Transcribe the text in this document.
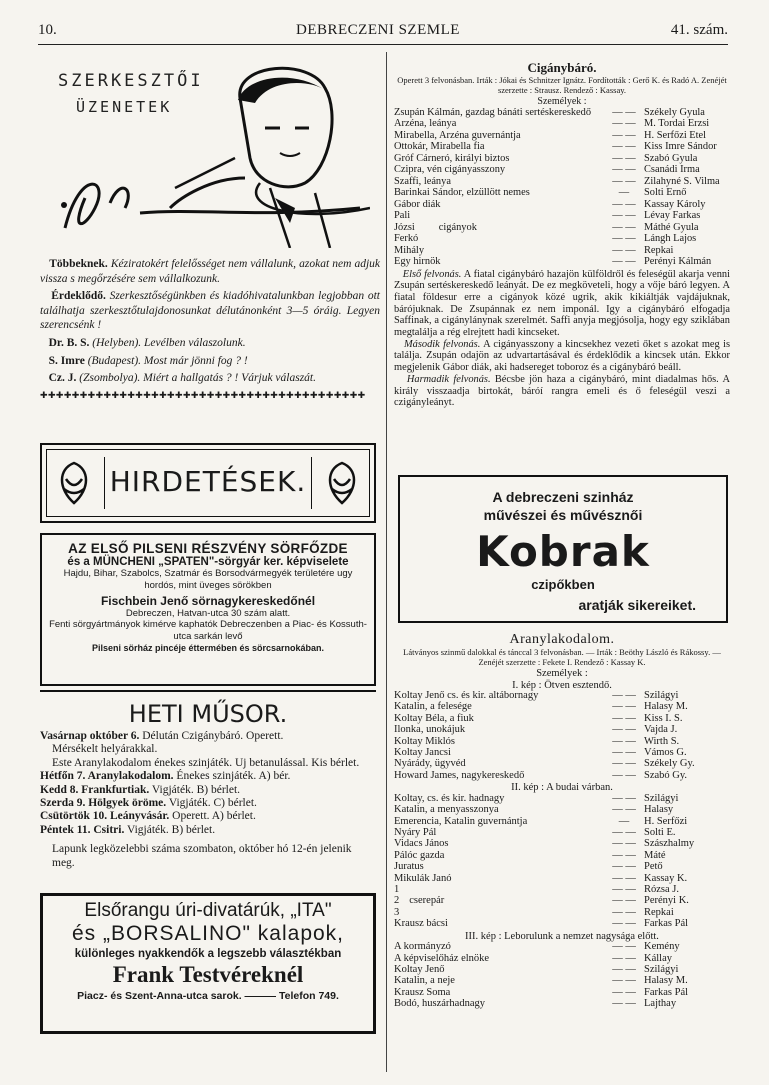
10.	DEBRECZENI SZEMLE	41. szám.
SZERKESZTŐI
ÜZENETEK

Többeknek. Kéziratokért felelősséget nem vállalunk, azokat nem adjuk vissza s megőrzésére sem vállalkozunk.

Érdeklődő. Szerkesztőségünkben és kiadóhivatalunkban legjobban ott találhatja szerkesztőtulajdonosunkat délutánonként 3—5 óráig. Legyen szerencsénk !

Dr. B. S. (Helyben). Levélben válaszolunk.

S. Imre (Budapest). Most már jönni fog ? !

Cz. J. (Zsombolya). Miért a hallgatás ? ! Várjuk válaszát.

✚✚✚✚✚✚✚✚✚✚✚✚✚✚✚✚✚✚✚✚✚✚✚✚✚✚✚✚✚✚✚✚✚✚✚✚✚✚✚✚✚
HIRDETÉSEK.
AZ ELSŐ PILSENI RÉSZVÉNY SÖRFŐZDE
és a MÜNCHENI „SPATEN"-sörgyár ker. képviselete
Hajdu, Bihar, Szabolcs, Szatmár és Borsodvármegyék területére ugy hordós, mint üveges sörökben
Fischbein Jenő sörnagykereskedőnél
Debreczen, Hatvan-utca 30 szám alatt.
Fenti sörgyártmányok kimérve kaphatók Debreczenben a Piac- és Kossuth-utca sarkán levő
Pilseni sörház pincéje éttermében és sörcsarnokában.
HETI MŰSOR.
Vasárnap október 6. Délután Czigánybáró. Operett.
Mérsékelt helyárakkal.
Este Aranylakodalom énekes szinjáték. Uj betanulással. Kis bérlet.
Hétfőn 7. Aranylakodalom. Énekes szinjáték. A) bér.
Kedd 8. Frankfurtiak. Vigjáték. B) bérlet.
Szerda 9. Hölgyek öröme. Vigjáték. C) bérlet.
Csütörtök 10. Leányvásár. Operett. A) bérlet.
Péntek 11. Csitri. Vigjáték. B) bérlet.
Lapunk legközelebbi száma szombaton, október hó 12-én jelenik meg.
Elsőrangu úri-divatárúk, „ITA"
és „BORSALINO" kalapok,
különleges nyakkendők a legszebb választékban
Frank Testvéreknél
Piacz- és Szent-Anna-utca sarok. ——— Telefon 749.

Cigánybáró.

Operett 3 felvonásban. Irták : Jókai és Schnitzer Ignátz. Fordították : Gerő K. és Radó A. Zenéjét szerzette : Strausz. Rendező : Kassay.

Személyek :

Zsupán Kálmán, gazdag bánáti sertéskereskedő	— —	Székely Gyula
Arzéna, leánya	— —	M. Tordai Erzsi
Mirabella, Arzéna guvernántja	— —	H. Serfőzi Etel
Ottokár, Mirabella fia	— —	Kiss Imre Sándor
Gróf Cárneró, királyi biztos	— —	Szabó Gyula
Czipra, vén cigányasszony	— —	Csanádi Irma
Szaffi, leánya	— —	Zilahyné S. Vilma
Barinkai Sándor, elzüllött nemes	—	Solti Ernő
Gábor diák	— —	Kassay Károly
Pali	— —	Lévay Farkas
Józsi cigányok	— —	Máthé Gyula
Ferkó	— —	Lángh Lajos
Mihály	— —	Repkai
Egy hirnök	— —	Perényi Kálmán
Első felvonás. A fiatal cigánybáró hazajön külföldről és feleségül akarja venni Zsupán sertéskereskedő leányát. De ez megköveteli, hogy a vője báró legyen. A fiatal földesur erre a cigányok közé ugrik, akik kikiáltják vajdájuknak, bárójuknak. De Zsupánnak ez nem imponál. Igy a cigánybáró elfogadja Saffinak, a cigánylánynak szerelmét. Saffi anyja megjósolja, hogy egy sziklában megtalálja a rég elrejtett hadi kincseket.
Második felvonás. A cigányasszony a kincsekhez vezeti őket s azokat meg is találja. Zsupán odajön az udvartartásával és érdeklődik a kincsek után. Ekkor megjelenik Gábor diák, aki hadsereget toboroz és a cigánybáró beáll.
Harmadik felvonás. Bécsbe jön haza a cigánybáró, mint diadalmas hős. A király visszaadja birtokát, báróí rangra emeli és ő feleségül veszi a czigányleányt.
A debreczeni szinház
művészei és művésznői
Kobrak
czipőkben
aratják sikereiket.

Aranylakodalom.

Látványos szinmű dalokkal és tánccal 3 felvonásban. — Irták : Beöthy László és Rákossy. — Zenéjét szerzette : Fekete I. Rendező : Kassay K.

Személyek :

I. kép : Ötven esztendő.

Koltay Jenő cs. és kir. altábornagy	— —	Szilágyi
Katalin, a felesége	— —	Halasy M.
Koltay Béla, a fiuk	— —	Kiss I. S.
Ilonka, unokájuk	— —	Vajda J.
Koltay Miklós	— —	Wirth S.
Koltay Jancsi	— —	Vámos G.
Nyárády, ügyvéd	— —	Székely Gy.
Howard James, nagykereskedő	— —	Szabó Gy.

II. kép : A budai várban.

Koltay, cs. és kir. hadnagy	— —	Szilágyi
Katalin, a menyasszonya	— —	Halasy
Emerencia, Katalin guvernántja	—	H. Serfőzi
Nyáry Pál	— —	Solti E.
Vidacs János	— —	Szászhalmy
Pálóc gazda	— —	Máté
Juratus	— —	Pető
Mikulák Janó	— —	Kassay K.
1	— —	Rózsa J.
2 cserepár	— —	Perényi K.
3	— —	Repkai
Krausz bácsi	— —	Farkas Pál

III. kép : Leborulunk a nemzet nagysága előtt.

A kormányzó	— —	Kemény
A képviselőház elnöke	— —	Kállay
Koltay Jenő	— —	Szilágyi
Katalin, a neje	— —	Halasy M.
Krausz Soma	— —	Farkas Pál
Bodó, huszárhadnagy	— —	Lajthay
